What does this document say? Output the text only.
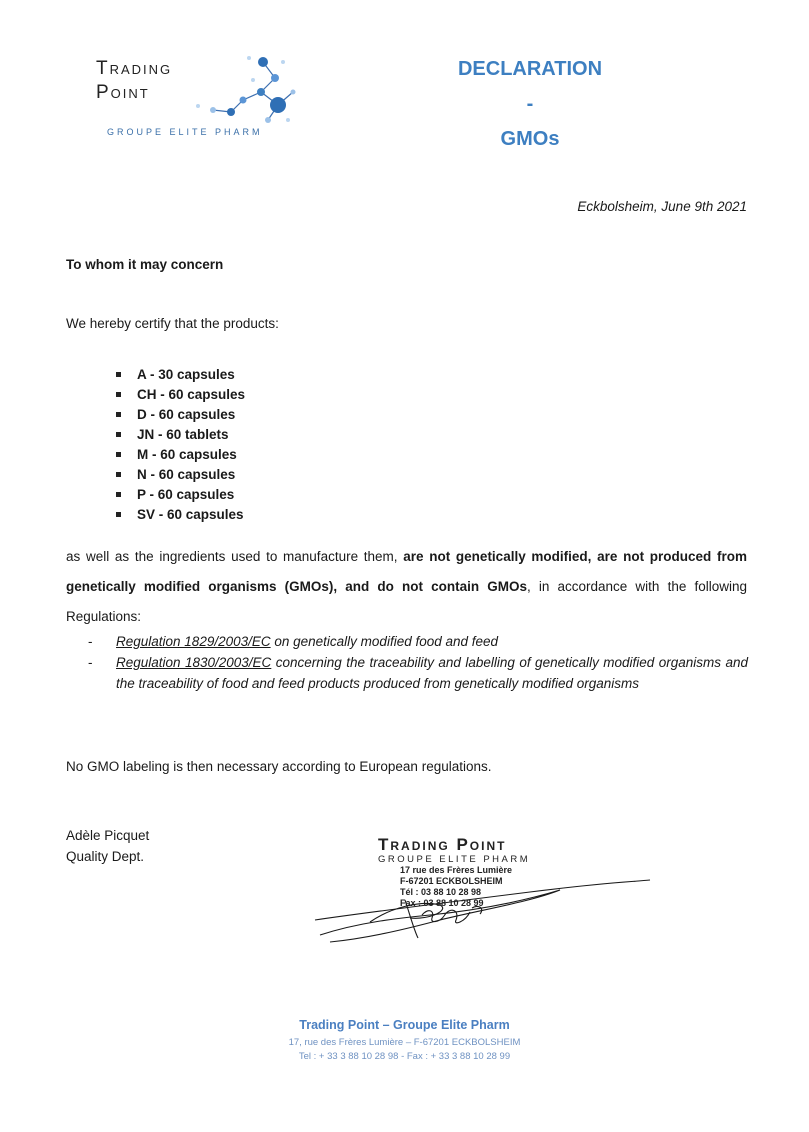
Trading
Point
GROUPE ELITE PHARM
DECLARATION
-
GMOs
Eckbolsheim, June 9th 2021
To whom it may concern
We hereby certify that the products:
A - 30 capsules
CH - 60 capsules
D - 60 capsules
JN - 60 tablets
M - 60 capsules
N - 60 capsules
P - 60 capsules
SV - 60 capsules
as well as the ingredients used to manufacture them, are not genetically modified, are not produced from genetically modified organisms (GMOs), and do not contain GMOs, in accordance with the following Regulations:
- Regulation 1829/2003/EC on genetically modified food and feed
- Regulation 1830/2003/EC concerning the traceability and labelling of genetically modified organisms and the traceability of food and feed products produced from genetically modified organisms
No GMO labeling is then necessary according to European regulations.
Adèle Picquet
Quality Dept.
Trading Point
GROUPE ELITE PHARM
17 rue des Frères Lumière
F-67201 ECKBOLSHEIM
Tél : 03 88 10 28 98
Fax : 03 88 10 28 99
Trading Point – Groupe Elite Pharm
17, rue des Frères Lumière – F-67201 ECKBOLSHEIM
Tel : + 33 3 88 10 28 98 - Fax : + 33 3 88 10 28 99
